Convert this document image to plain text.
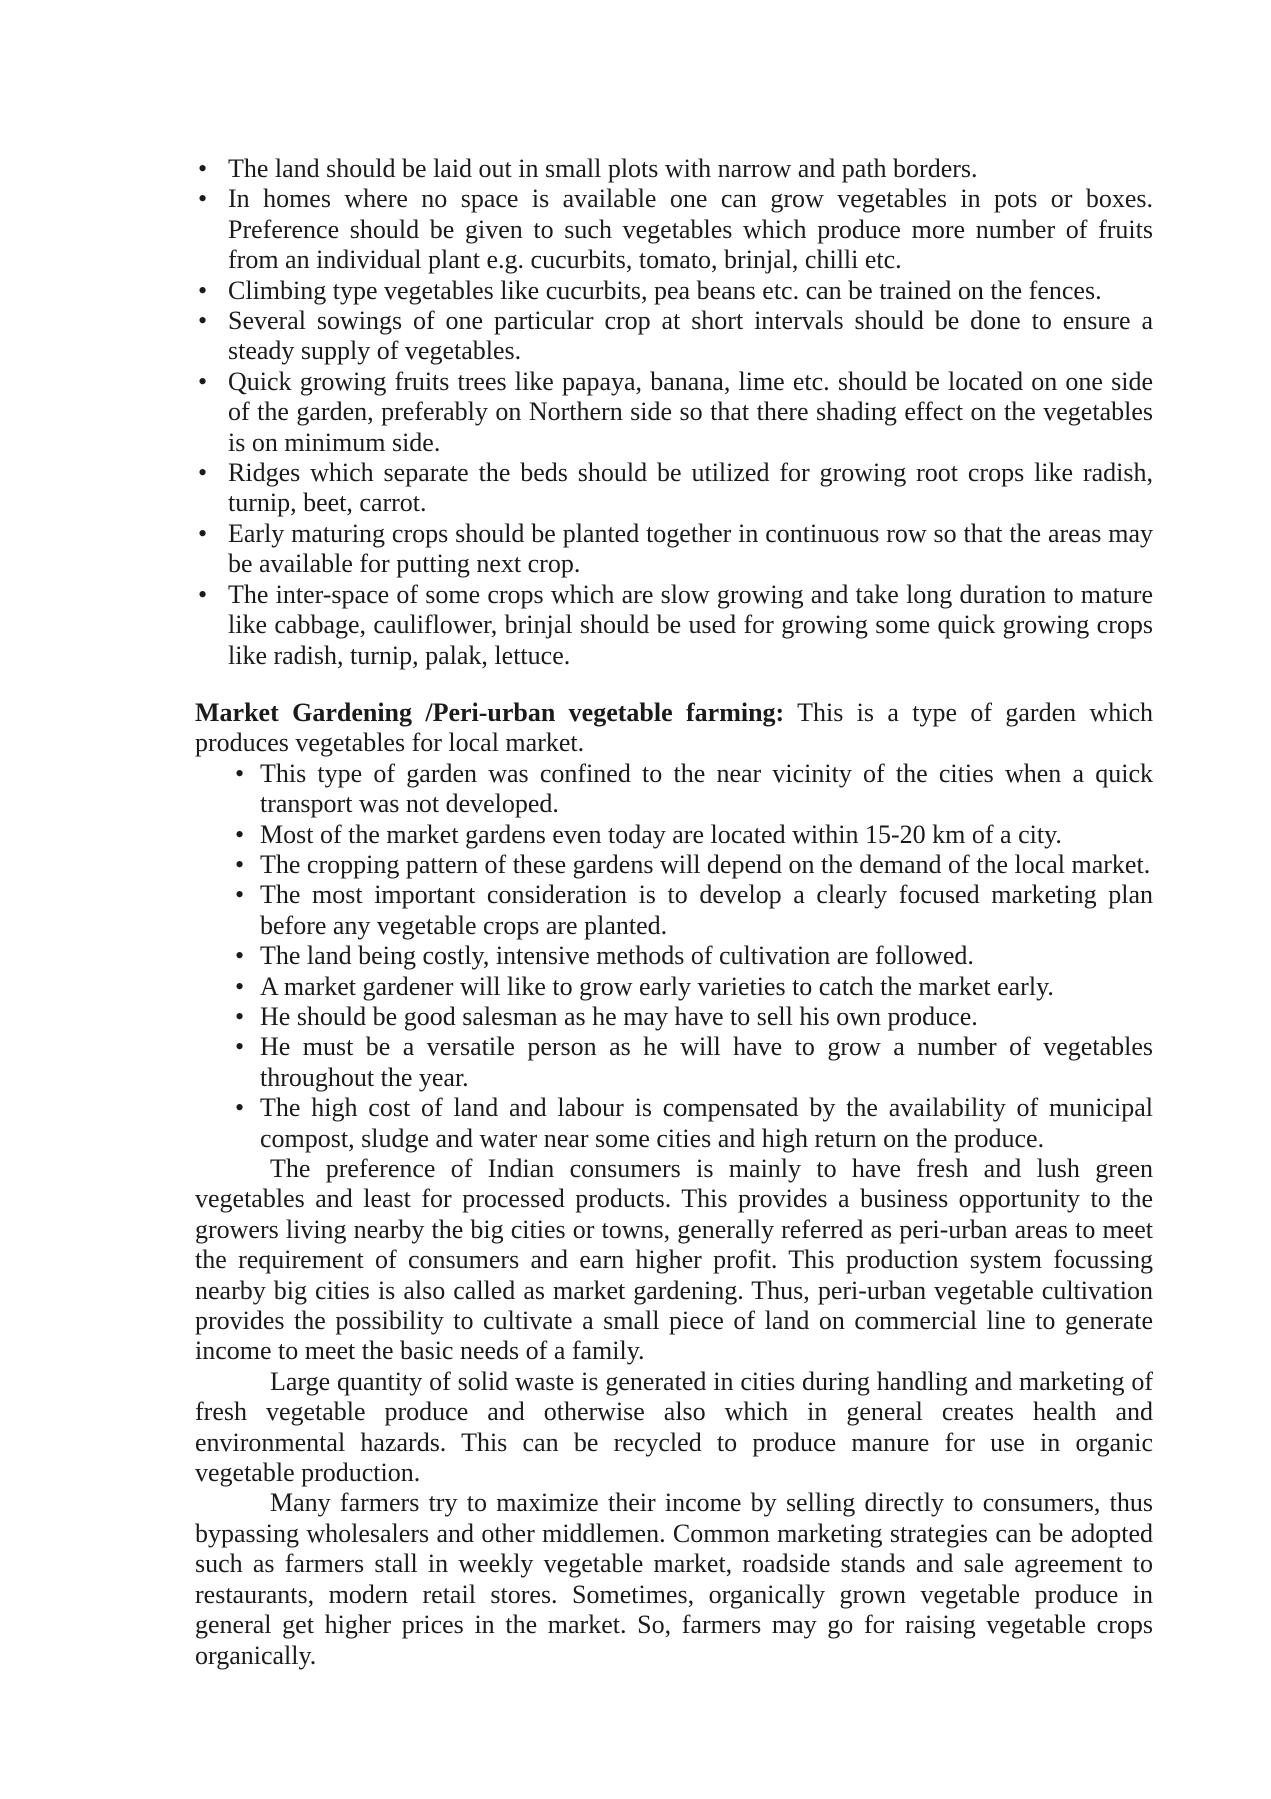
• The land should be laid out in small plots with narrow and path borders.
• In homes where no space is available one can grow vegetables in pots or boxes. Preference should be given to such vegetables which produce more number of fruits from an individual plant e.g. cucurbits, tomato, brinjal, chilli etc.
• Climbing type vegetables like cucurbits, pea beans etc. can be trained on the fences.
• Several sowings of one particular crop at short intervals should be done to ensure a steady supply of vegetables.
• Quick growing fruits trees like papaya, banana, lime etc. should be located on one side of the garden, preferably on Northern side so that there shading effect on the vegetables is on minimum side.
• Ridges which separate the beds should be utilized for growing root crops like radish, turnip, beet, carrot.
• Early maturing crops should be planted together in continuous row so that the areas may be available for putting next crop.
• The inter-space of some crops which are slow growing and take long duration to mature like cabbage, cauliflower, brinjal should be used for growing some quick growing crops like radish, turnip, palak, lettuce.

Market Gardening /Peri-urban vegetable farming: This is a type of garden which produces vegetables for local market.

• This type of garden was confined to the near vicinity of the cities when a quick transport was not developed.
• Most of the market gardens even today are located within 15-20 km of a city.
• The cropping pattern of these gardens will depend on the demand of the local market.
• The most important consideration is to develop a clearly focused marketing plan before any vegetable crops are planted.
• The land being costly, intensive methods of cultivation are followed.
• A market gardener will like to grow early varieties to catch the market early.
• He should be good salesman as he may have to sell his own produce.
• He must be a versatile person as he will have to grow a number of vegetables throughout the year.
• The high cost of land and labour is compensated by the availability of municipal compost, sludge and water near some cities and high return on the produce.

The preference of Indian consumers is mainly to have fresh and lush green vegetables and least for processed products. This provides a business opportunity to the growers living nearby the big cities or towns, generally referred as peri-urban areas to meet the requirement of consumers and earn higher profit. This production system focussing nearby big cities is also called as market gardening. Thus, peri-urban vegetable cultivation provides the possibility to cultivate a small piece of land on commercial line to generate income to meet the basic needs of a family.

Large quantity of solid waste is generated in cities during handling and marketing of fresh vegetable produce and otherwise also which in general creates health and environmental hazards. This can be recycled to produce manure for use in organic vegetable production.

Many farmers try to maximize their income by selling directly to consumers, thus bypassing wholesalers and other middlemen. Common marketing strategies can be adopted such as farmers stall in weekly vegetable market, roadside stands and sale agreement to restaurants, modern retail stores. Sometimes, organically grown vegetable produce in general get higher prices in the market. So, farmers may go for raising vegetable crops organically.
